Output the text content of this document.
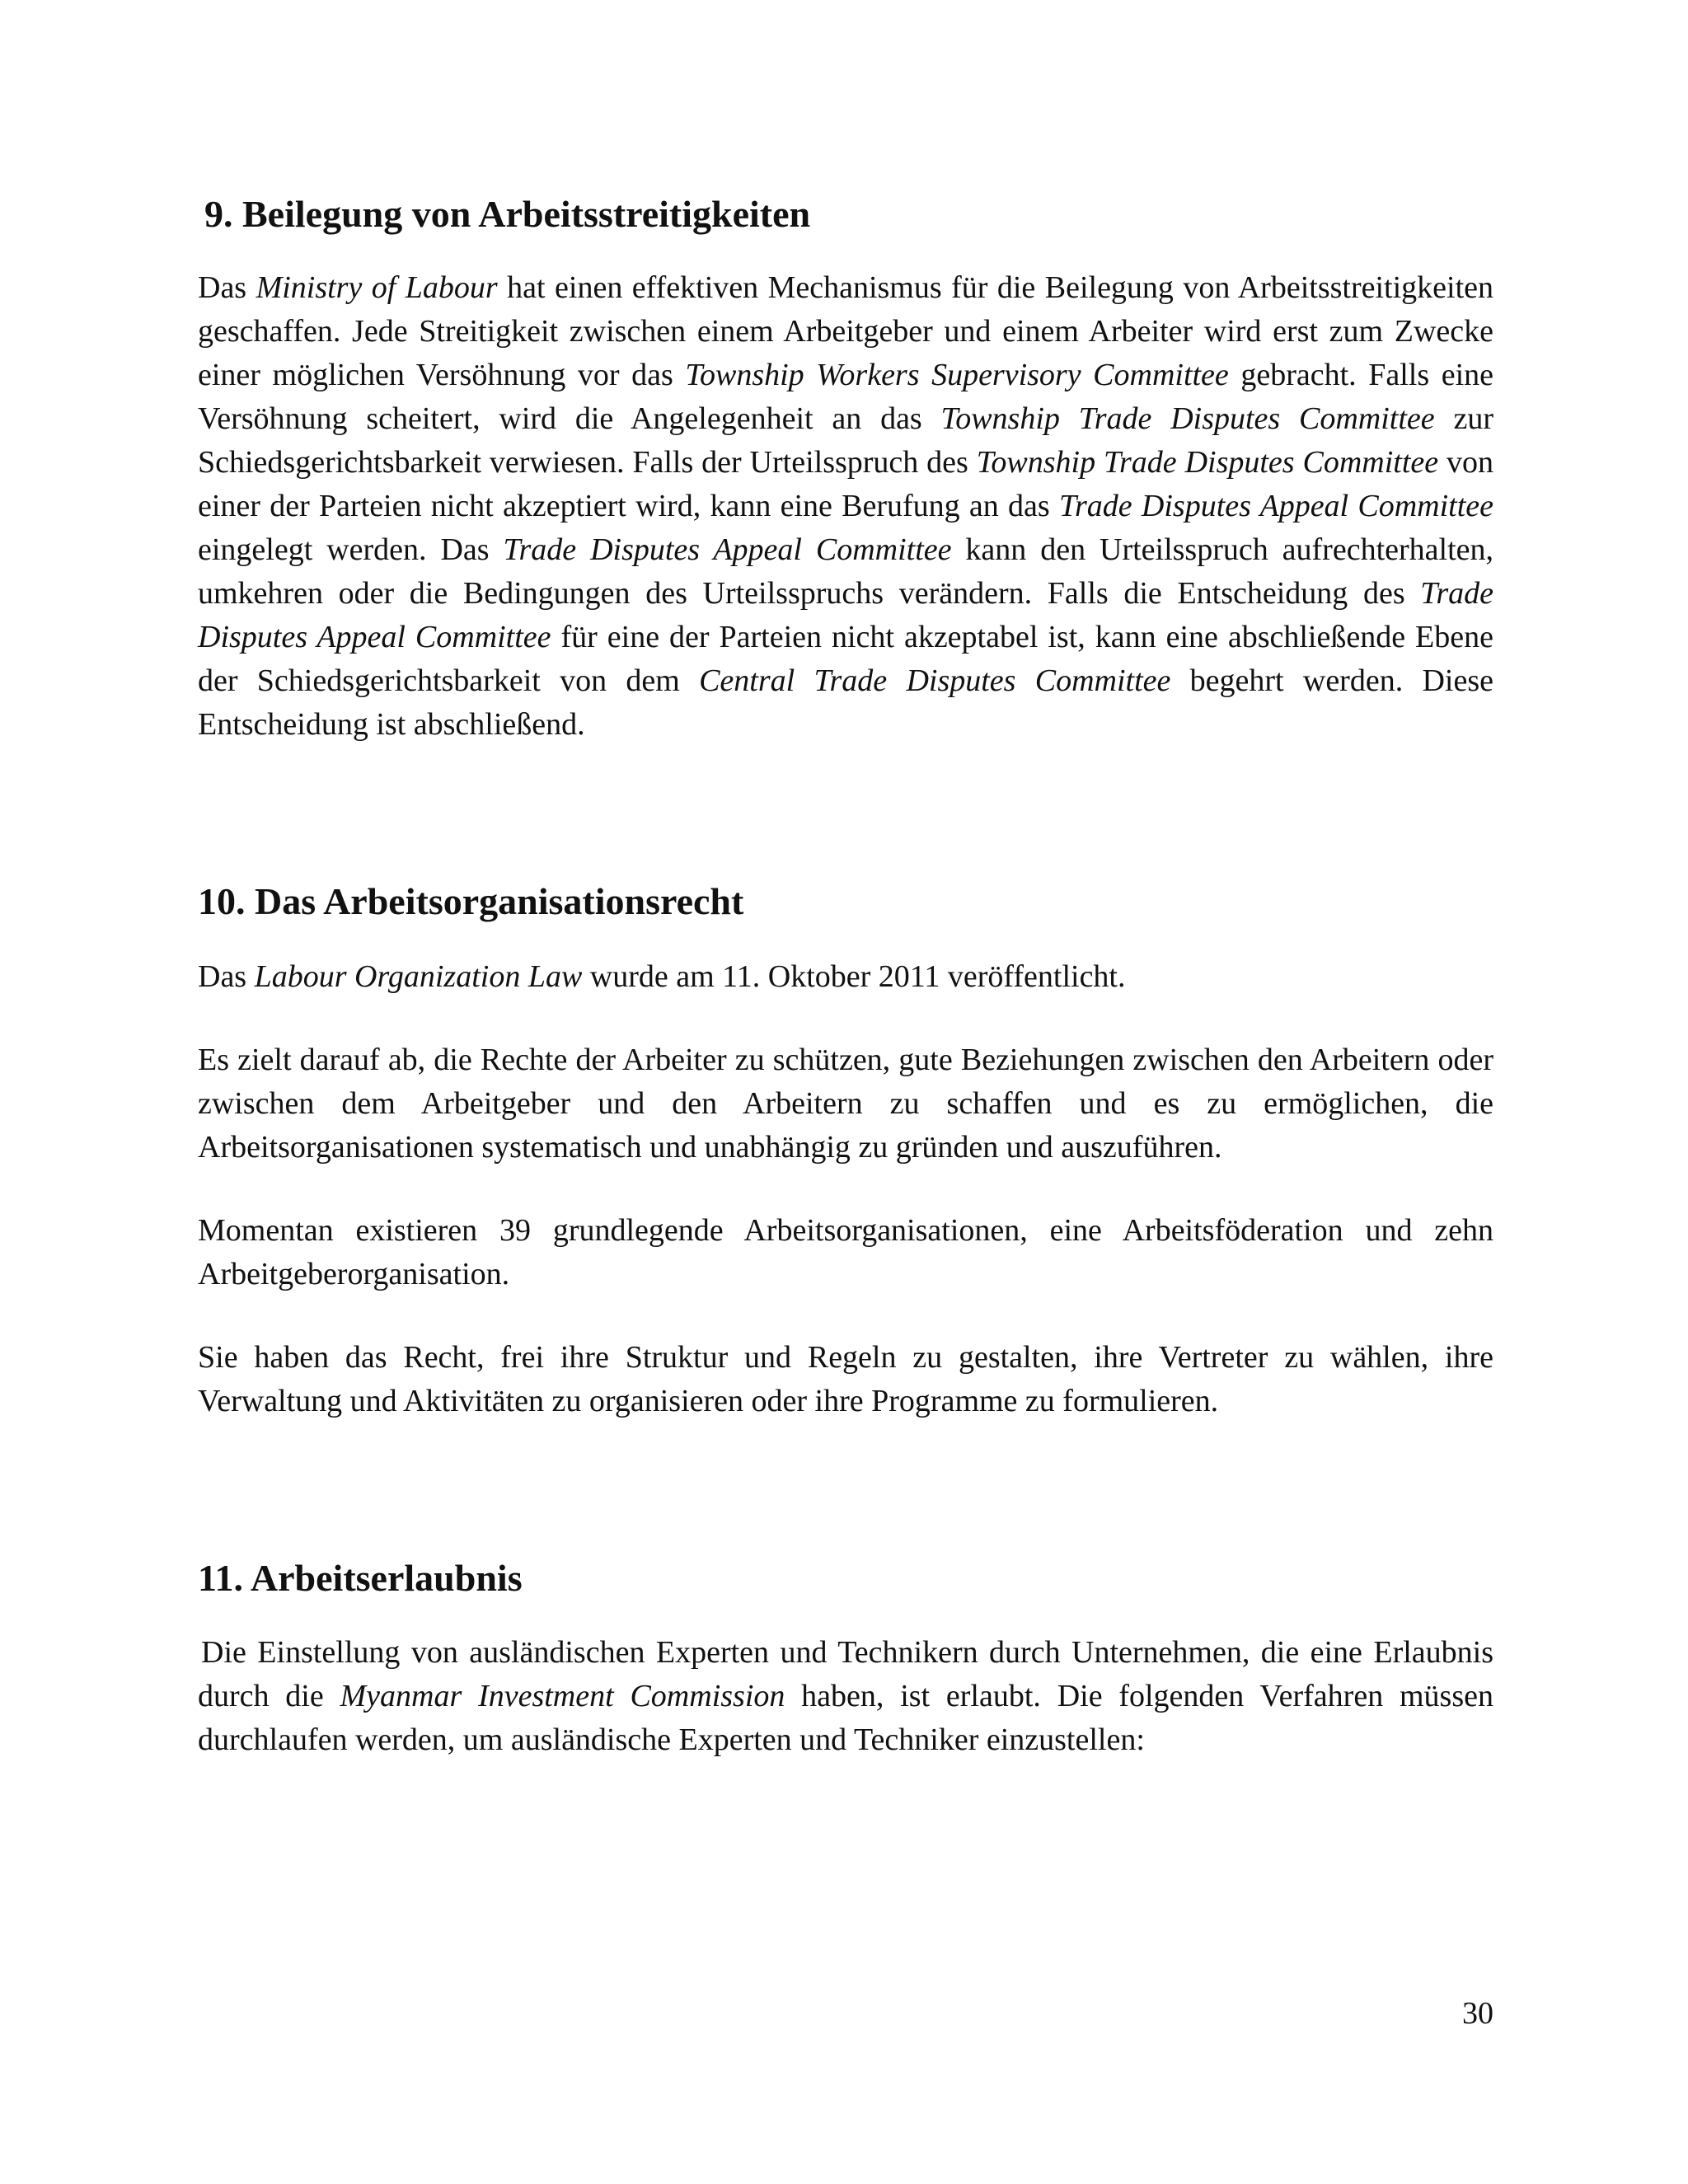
9. Beilegung von Arbeitsstreitigkeiten

Das Ministry of Labour hat einen effektiven Mechanismus für die Beilegung von Arbeitsstreitigkeiten geschaffen. Jede Streitigkeit zwischen einem Arbeitgeber und einem Arbeiter wird erst zum Zwecke einer möglichen Versöhnung vor das Township Workers Supervisory Committee gebracht. Falls eine Versöhnung scheitert, wird die Angelegenheit an das Township Trade Disputes Committee zur Schiedsgerichtsbarkeit verwiesen. Falls der Urteilsspruch des Township Trade Disputes Committee von einer der Parteien nicht akzeptiert wird, kann eine Berufung an das Trade Disputes Appeal Committee eingelegt werden. Das Trade Disputes Appeal Committee kann den Urteilsspruch aufrechterhalten, umkehren oder die Bedingungen des Urteilsspruchs verändern. Falls die Entscheidung des Trade Disputes Appeal Committee für eine der Parteien nicht akzeptabel ist, kann eine abschließende Ebene der Schiedsgerichtsbarkeit von dem Central Trade Disputes Committee begehrt werden. Diese Entscheidung ist abschließend.

10. Das Arbeitsorganisationsrecht

Das Labour Organization Law wurde am 11. Oktober 2011 veröffentlicht.

Es zielt darauf ab, die Rechte der Arbeiter zu schützen, gute Beziehungen zwischen den Arbeitern oder zwischen dem Arbeitgeber und den Arbeitern zu schaffen und es zu ermöglichen, die Arbeitsorganisationen systematisch und unabhängig zu gründen und auszuführen.

Momentan existieren 39 grundlegende Arbeitsorganisationen, eine Arbeitsföderation und zehn Arbeitgeberorganisation.

Sie haben das Recht, frei ihre Struktur und Regeln zu gestalten, ihre Vertreter zu wählen, ihre Verwaltung und Aktivitäten zu organisieren oder ihre Programme zu formulieren.

11. Arbeitserlaubnis

Die Einstellung von ausländischen Experten und Technikern durch Unternehmen, die eine Erlaubnis durch die Myanmar Investment Commission haben, ist erlaubt. Die folgenden Verfahren müssen durchlaufen werden, um ausländische Experten und Techniker einzustellen:

30
